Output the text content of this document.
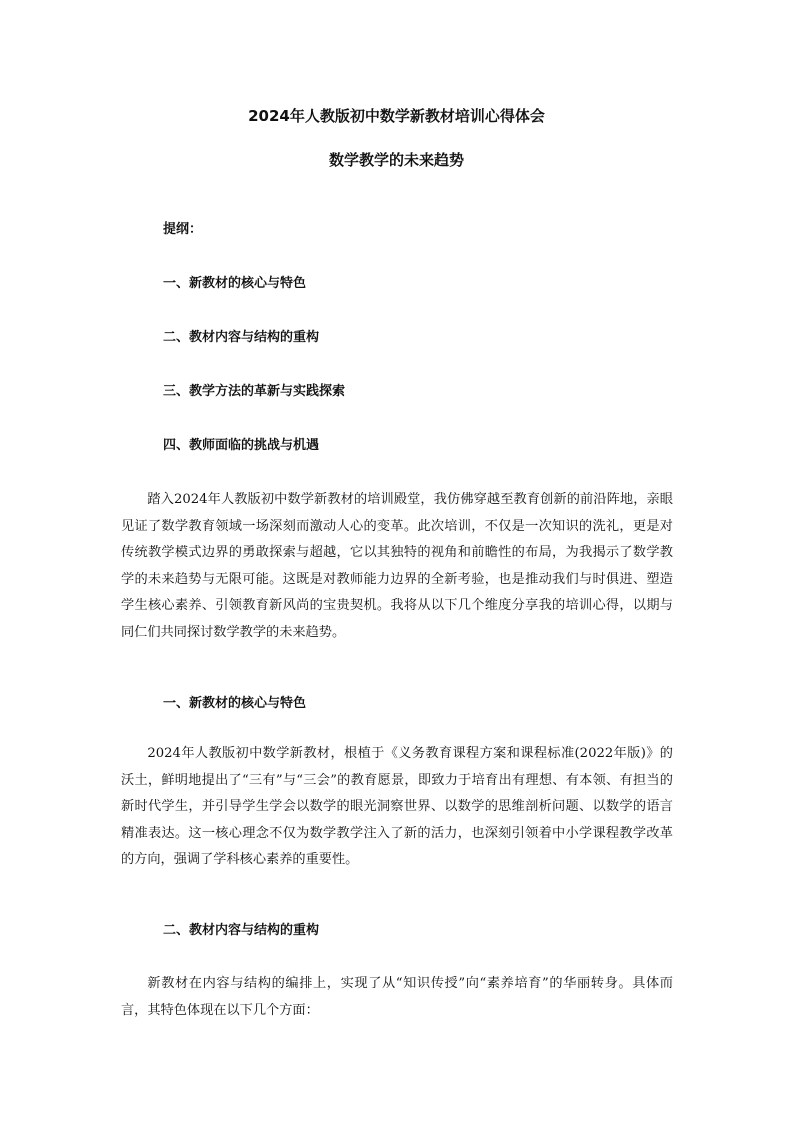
2024年人教版初中数学新教材培训心得体会
数学教学的未来趋势

提纲：

一、新教材的核心与特色

二、教材内容与结构的重构

三、教学方法的革新与实践探索

四、教师面临的挑战与机遇

踏入2024年人教版初中数学新教材的培训殿堂，我仿佛穿越至教育创新的前沿阵地，亲眼见证了数学教育领域一场深刻而激动人心的变革。此次培训，不仅是一次知识的洗礼，更是对传统教学模式边界的勇敢探索与超越，它以其独特的视角和前瞻性的布局，为我揭示了数学教学的未来趋势与无限可能。这既是对教师能力边界的全新考验，也是推动我们与时俱进、塑造学生核心素养、引领教育新风尚的宝贵契机。我将从以下几个维度分享我的培训心得，以期与同仁们共同探讨数学教学的未来趋势。

一、新教材的核心与特色

2024年人教版初中数学新教材，根植于《义务教育课程方案和课程标准(2022年版)》的沃土，鲜明地提出了“三有”与“三会”的教育愿景，即致力于培育出有理想、有本领、有担当的新时代学生，并引导学生学会以数学的眼光洞察世界、以数学的思维剖析问题、以数学的语言精准表达。这一核心理念不仅为数学教学注入了新的活力，也深刻引领着中小学课程教学改革的方向，强调了学科核心素养的重要性。

二、教材内容与结构的重构

新教材在内容与结构的编排上，实现了从“知识传授”向“素养培育”的华丽转身。具体而言，其特色体现在以下几个方面：
